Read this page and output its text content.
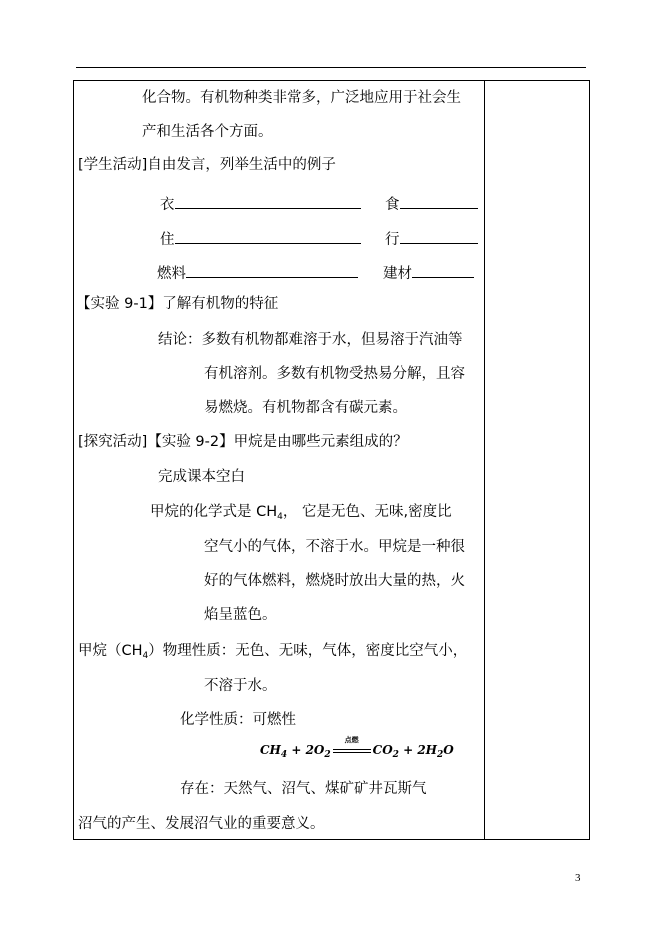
化合物。有机物种类非常多，广泛地应用于社会生
产和生活各个方面。
[学生活动]自由发言，列举生活中的例子
衣	食
住	行
燃料	建材
【实验 9-1】了解有机物的特征
结论：多数有机物都难溶于水，但易溶于汽油等
有机溶剂。多数有机物受热易分解，且容
易燃烧。有机物都含有碳元素。
[探究活动]【实验 9-2】甲烷是由哪些元素组成的？
完成课本空白
甲烷的化学式是 $CH_4$， 它是无色、无味,密度比
空气小的气体，不溶于水。甲烷是一种很
好的气体燃料，燃烧时放出大量的热，火
焰呈蓝色。
甲烷$(CH_4)$物理性质：无色、无味，气体，密度比空气小，
不溶于水。
化学性质：可燃性
$CH_4 + 2O_2$
点燃
$CO_2 + 2H_2O$
存在：天然气、沼气、煤矿矿井瓦斯气
沼气的产生、发展沼气业的重要意义。
3
